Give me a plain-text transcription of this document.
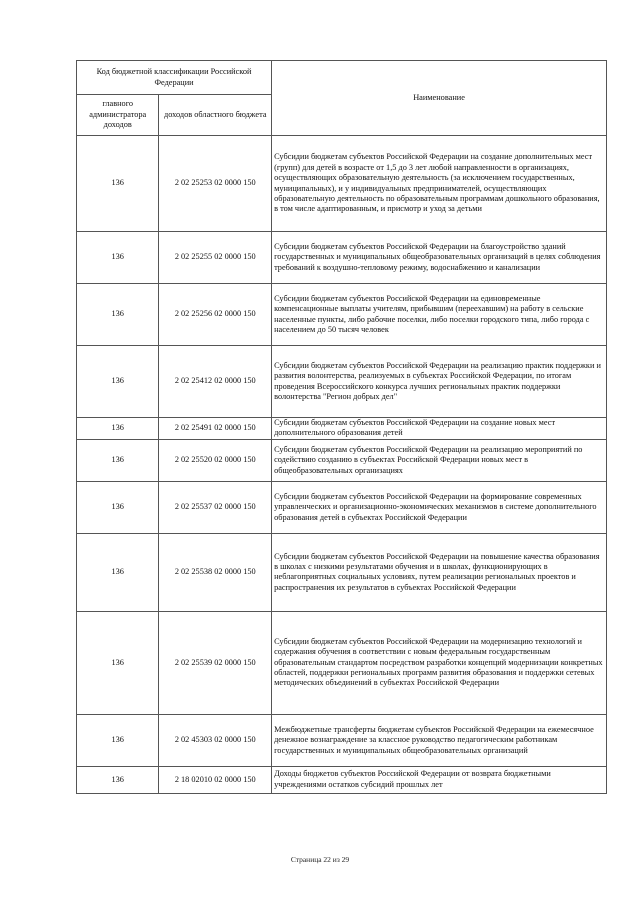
Код бюджетной классификации Российской Федерации		Наименование
главного администратора доходов	доходов областного бюджета	
136	2 02 25253 02 0000 150	Субсидии бюджетам субъектов Российской Федерации на создание дополнительных мест (групп) для детей в возрасте от 1,5 до 3 лет любой направленности в организациях, осуществляющих образовательную деятельность (за исключением государственных, муниципальных), и у индивидуальных предпринимателей, осуществляющих образовательную деятельность по образовательным программам дошкольного образования, в том числе адаптированным, и присмотр и уход за детьми
136	2 02 25255 02 0000 150	Субсидии бюджетам субъектов Российской Федерации на благоустройство зданий государственных и муниципальных общеобразовательных организаций в целях соблюдения требований к воздушно-тепловому режиму, водоснабжению и канализации
136	2 02 25256 02 0000 150	Субсидии бюджетам субъектов Российской Федерации на единовременные компенсационные выплаты учителям, прибывшим (переехавшим) на работу в сельские населенные пункты, либо рабочие поселки, либо поселки городского типа, либо города с населением до 50 тысяч человек
136	2 02 25412 02 0000 150	Субсидии бюджетам субъектов Российской Федерации на реализацию практик поддержки и развития волонтерства, реализуемых в субъектах Российской Федерации, по итогам проведения Всероссийского конкурса лучших региональных практик поддержки волонтерства "Регион добрых дел"
136	2 02 25491 02 0000 150	Субсидии бюджетам субъектов Российской Федерации на создание новых мест дополнительного образования детей
136	2 02 25520 02 0000 150	Субсидии бюджетам субъектов Российской Федерации на реализацию мероприятий по содействию созданию в субъектах Российской Федерации новых мест в общеобразовательных организациях
136	2 02 25537 02 0000 150	Субсидии бюджетам субъектов Российской Федерации на формирование современных управленческих и организационно-экономических механизмов в системе дополнительного образования детей в субъектах Российской Федерации
136	2 02 25538 02 0000 150	Субсидии бюджетам субъектов Российской Федерации на повышение качества образования в школах с низкими результатами обучения и в школах, функционирующих в неблагоприятных социальных условиях, путем реализации региональных проектов и распространения их результатов в субъектах Российской Федерации
136	2 02 25539 02 0000 150	Субсидии бюджетам субъектов Российской Федерации на модернизацию технологий и содержания обучения в соответствии с новым федеральным государственным образовательным стандартом посредством разработки концепций модернизации конкретных областей, поддержки региональных программ развития образования и поддержки сетевых методических объединений в субъектах Российской Федерации
136	2 02 45303 02 0000 150	Межбюджетные трансферты бюджетам субъектов Российской Федерации на ежемесячное денежное вознаграждение за классное руководство педагогическим работникам государственных и муниципальных общеобразовательных организаций
136	2 18 02010 02 0000 150	Доходы бюджетов субъектов Российской Федерации от возврата бюджетными учреждениями остатков субсидий прошлых лет
Страница 22 из 29
